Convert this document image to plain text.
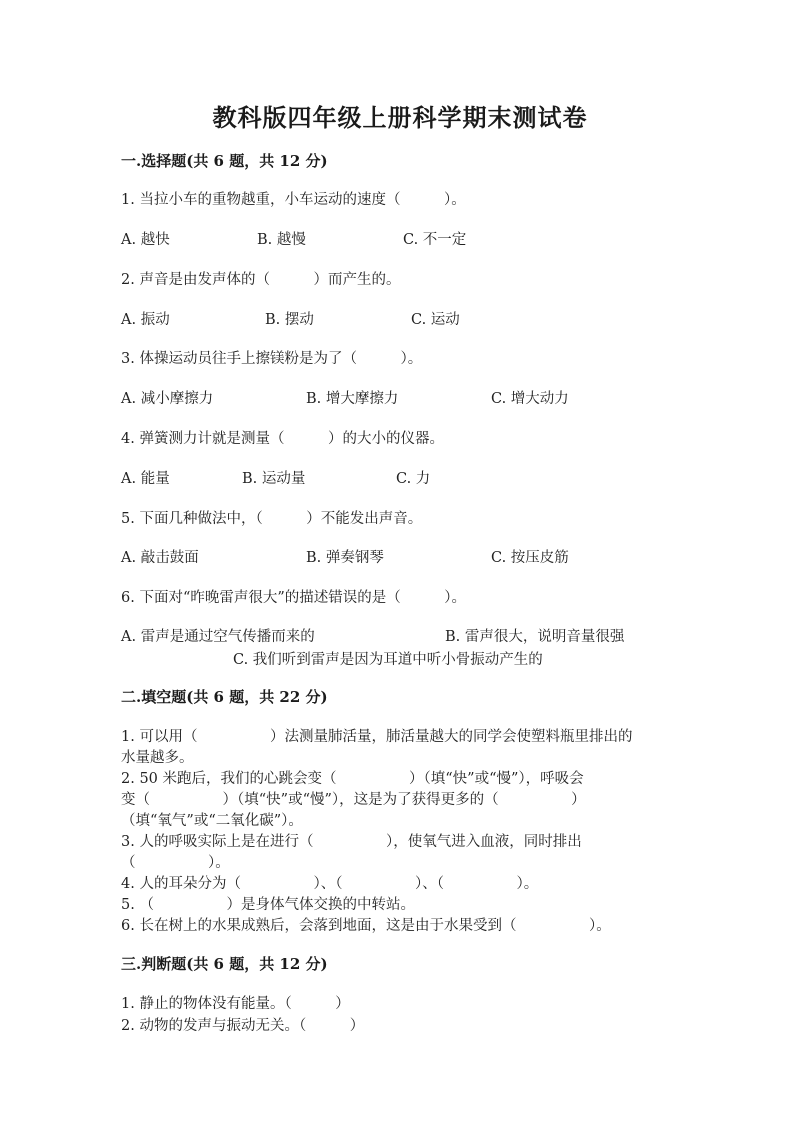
教科版四年级上册科学期末测试卷
一.选择题(共 6 题，共 12 分)
1. 当拉小车的重物越重，小车运动的速度（　　　）。
A. 越快	B. 越慢	C. 不一定
2. 声音是由发声体的（　　　）而产生的。
A. 振动	B. 摆动	C. 运动
3. 体操运动员往手上擦镁粉是为了（　　　）。
A. 减小摩擦力	B. 增大摩擦力	C. 增大动力
4. 弹簧测力计就是测量（　　　）的大小的仪器。
A. 能量	B. 运动量	C. 力
5. 下面几种做法中，（　　　）不能发出声音。
A. 敲击鼓面	B. 弹奏钢琴	C. 按压皮筋
6. 下面对“昨晚雷声很大”的描述错误的是（　　　）。
A. 雷声是通过空气传播而来的	B. 雷声很大，说明音量很强
C. 我们听到雷声是因为耳道中听小骨振动产生的
二.填空题(共 6 题，共 22 分)
1. 可以用（　　　　　）法测量肺活量，肺活量越大的同学会使塑料瓶里排出的
水量越多。
2. 50 米跑后，我们的心跳会变（　　　　　）（填“快”或“慢”），呼吸会
变（　　　　　）（填“快”或“慢”），这是为了获得更多的（　　　　　）
（填“氧气”或“二氧化碳”）。
3. 人的呼吸实际上是在进行（　　　　　），使氧气进入血液，同时排出
（　　　　　）。
4. 人的耳朵分为（　　　　　）、（　　　　　）、（　　　　　）。
5. （　　　　　）是身体气体交换的中转站。
6. 长在树上的水果成熟后，会落到地面，这是由于水果受到（　　　　　）。
三.判断题(共 6 题，共 12 分)
1. 静止的物体没有能量。（　　　）
2. 动物的发声与振动无关。（　　　）
